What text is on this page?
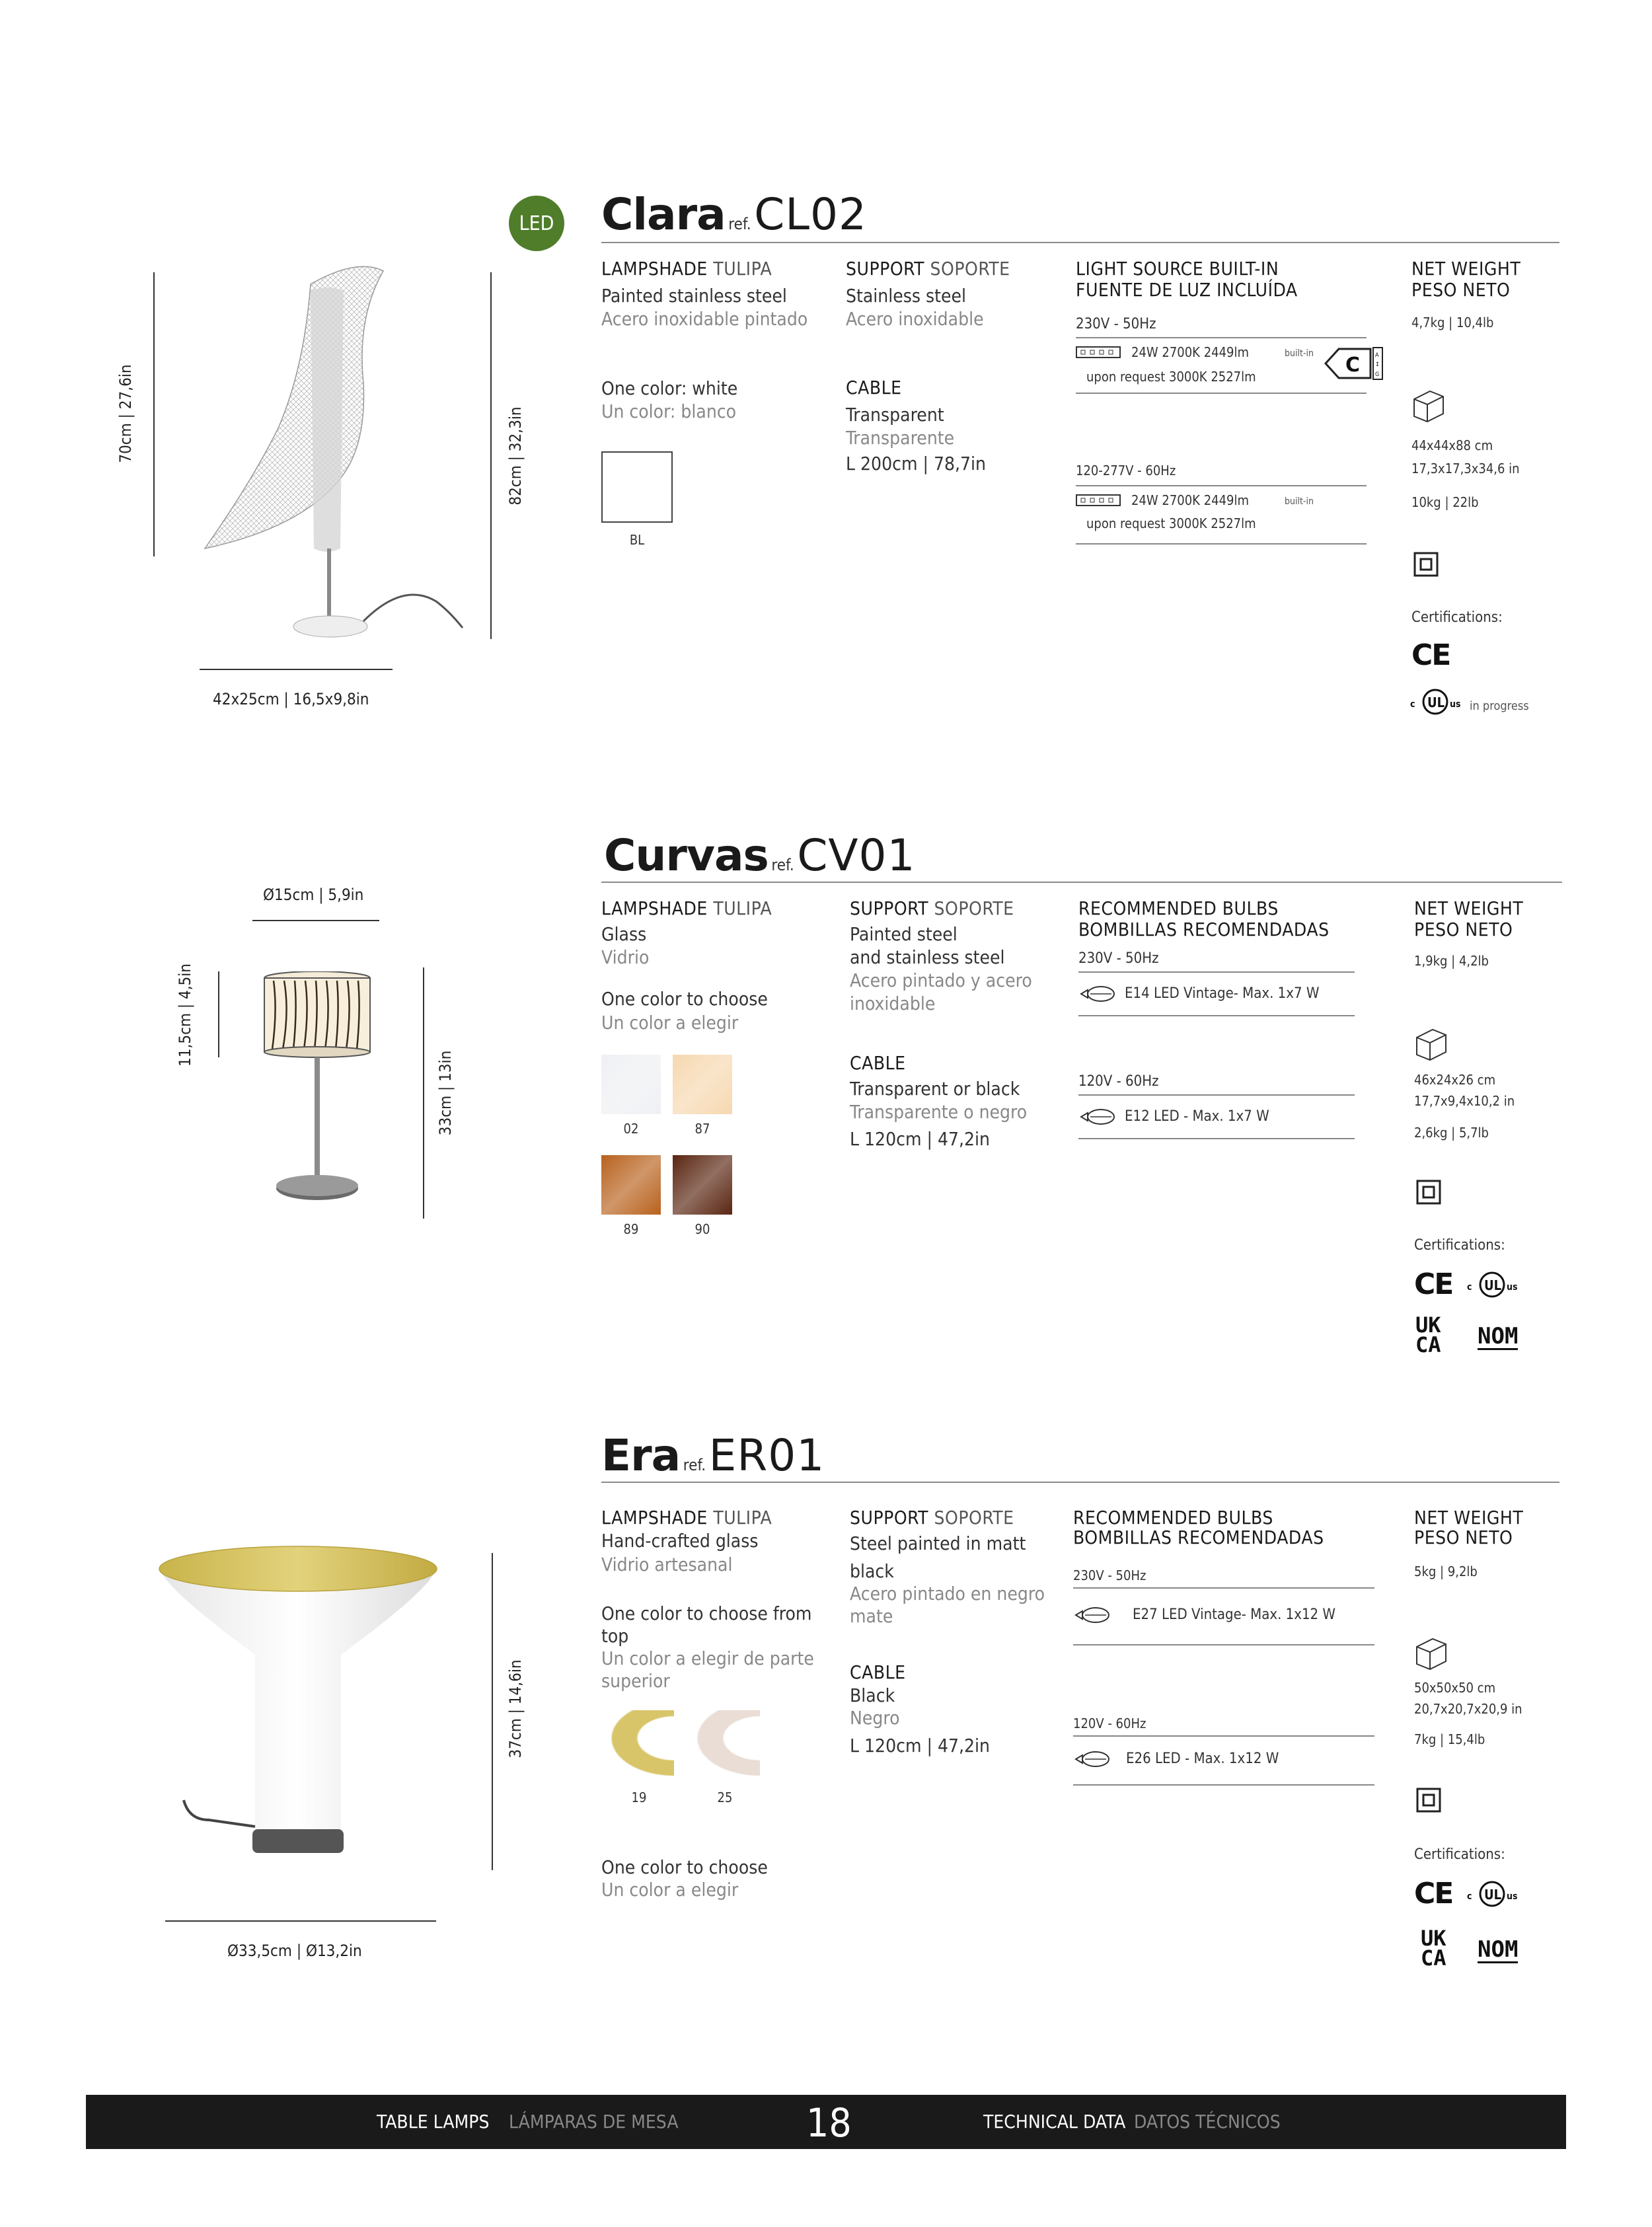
LED Clara ref. CL02
70cm | 27,6in	82cm | 32,3in
42x25cm | 16,5x9,8in
LAMPSHADE TULIPA
Painted stainless steel
Acero inoxidable pintado
One color: white
Un color: blanco
BL
SUPPORT SOPORTE
Stainless steel
Acero inoxidable
CABLE
Transparent
Transparente
L 200cm | 78,7in
LIGHT SOURCE BUILT-IN
FUENTE DE LUZ INCLUÍDA
230V - 50Hz
24W 2700K 2449lm	built-in
upon request 3000K 2527lm	C	A
↕
G
120-277V - 60Hz
24W 2700K 2449lm	built-in
upon request 3000K 2527lm
NET WEIGHT
PESO NETO
4,7kg | 10,4lb
44x44x88 cm
17,3x17,3x34,6 in
10kg | 22lb
Certifications:
CE
c UL us in progress
Curvas ref. CV01
Ø15cm | 5,9in
11,5cm | 4,5in
33cm | 13in
LAMPSHADE TULIPA
Glass
Vidrio
One color to choose
Un color a elegir
02	87
89	90
SUPPORT SOPORTE
Painted steel
and stainless steel
Acero pintado y acero
inoxidable
CABLE
Transparent or black
Transparente o negro
L 120cm | 47,2in
RECOMMENDED BULBS
BOMBILLAS RECOMENDADAS
230V - 50Hz
E14 LED Vintage- Max. 1x7 W
120V - 60Hz
E12 LED - Max. 1x7 W
NET WEIGHT
PESO NETO
1,9kg | 4,2lb
46x24x26 cm
17,7x9,4x10,2 in
2,6kg | 5,7lb
Certifications:
CE c UL us
UK
CA NOM
Era ref. ER01
37cm | 14,6in
Ø33,5cm | Ø13,2in
LAMPSHADE TULIPA
Hand-crafted glass
Vidrio artesanal
One color to choose from
top
Un color a elegir de parte
superior
19	25
One color to choose
Un color a elegir
SUPPORT SOPORTE
Steel painted in matt
black
Acero pintado en negro
mate
CABLE
Black
Negro
L 120cm | 47,2in
RECOMMENDED BULBS
BOMBILLAS RECOMENDADAS
230V - 50Hz
E27 LED Vintage- Max. 1x12 W
120V - 60Hz
E26 LED - Max. 1x12 W
NET WEIGHT
PESO NETO
5kg | 9,2lb
50x50x50 cm
20,7x20,7x20,9 in
7kg | 15,4lb
Certifications:
CE c UL us
UK
CA NOM
TABLE LAMPS LÁMPARAS DE MESA	18	TECHNICAL DATA DATOS TÉCNICOS
